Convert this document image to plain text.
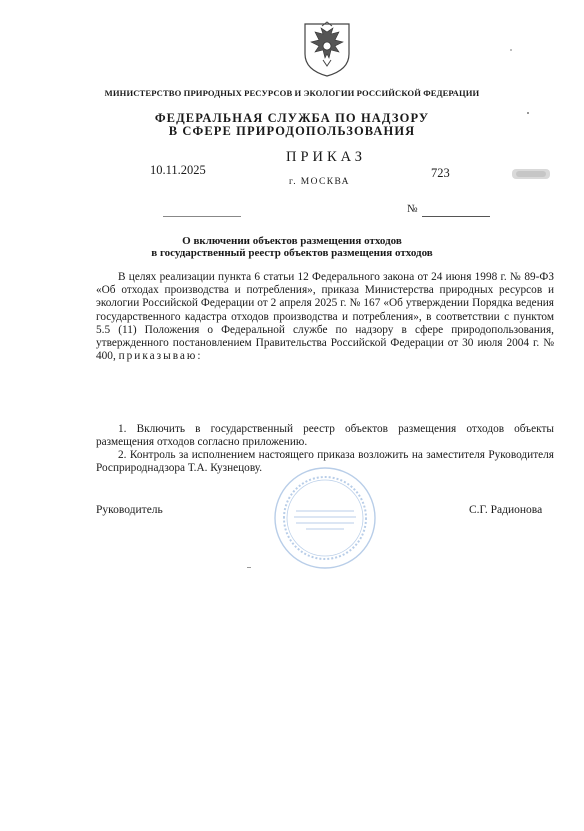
МИНИСТЕРСТВО ПРИРОДНЫХ РЕСУРСОВ И ЭКОЛОГИИ РОССИЙСКОЙ ФЕДЕРАЦИИ
ФЕДЕРАЛЬНАЯ СЛУЖБА ПО НАДЗОРУ
В СФЕРЕ ПРИРОДОПОЛЬЗОВАНИЯ
ПРИКАЗ
10.11.2025	723
г. МОСКВА
№
О включении объектов размещения отходов
в государственный реестр объектов размещения отходов
В целях реализации пункта 6 статьи 12 Федерального закона от 24 июня 1998 г. № 89-ФЗ «Об отходах производства и потребления», приказа Министерства природных ресурсов и экологии Российской Федерации от 2 апреля 2025 г. № 167 «Об утверждении Порядка ведения государственного кадастра отходов производства и потребления», в соответствии с пунктом 5.5 (11) Положения о Федеральной службе по надзору в сфере природопользования, утвержденного постановлением Правительства Российской Федерации от 30 июля 2004 г. № 400, приказываю:
1. Включить в государственный реестр объектов размещения отходов объекты размещения отходов согласно приложению.
2. Контроль за исполнением настоящего приказа возложить на заместителя Руководителя Росприроднадзора Т.А. Кузнецову.
Руководитель	С.Г. Радионова
